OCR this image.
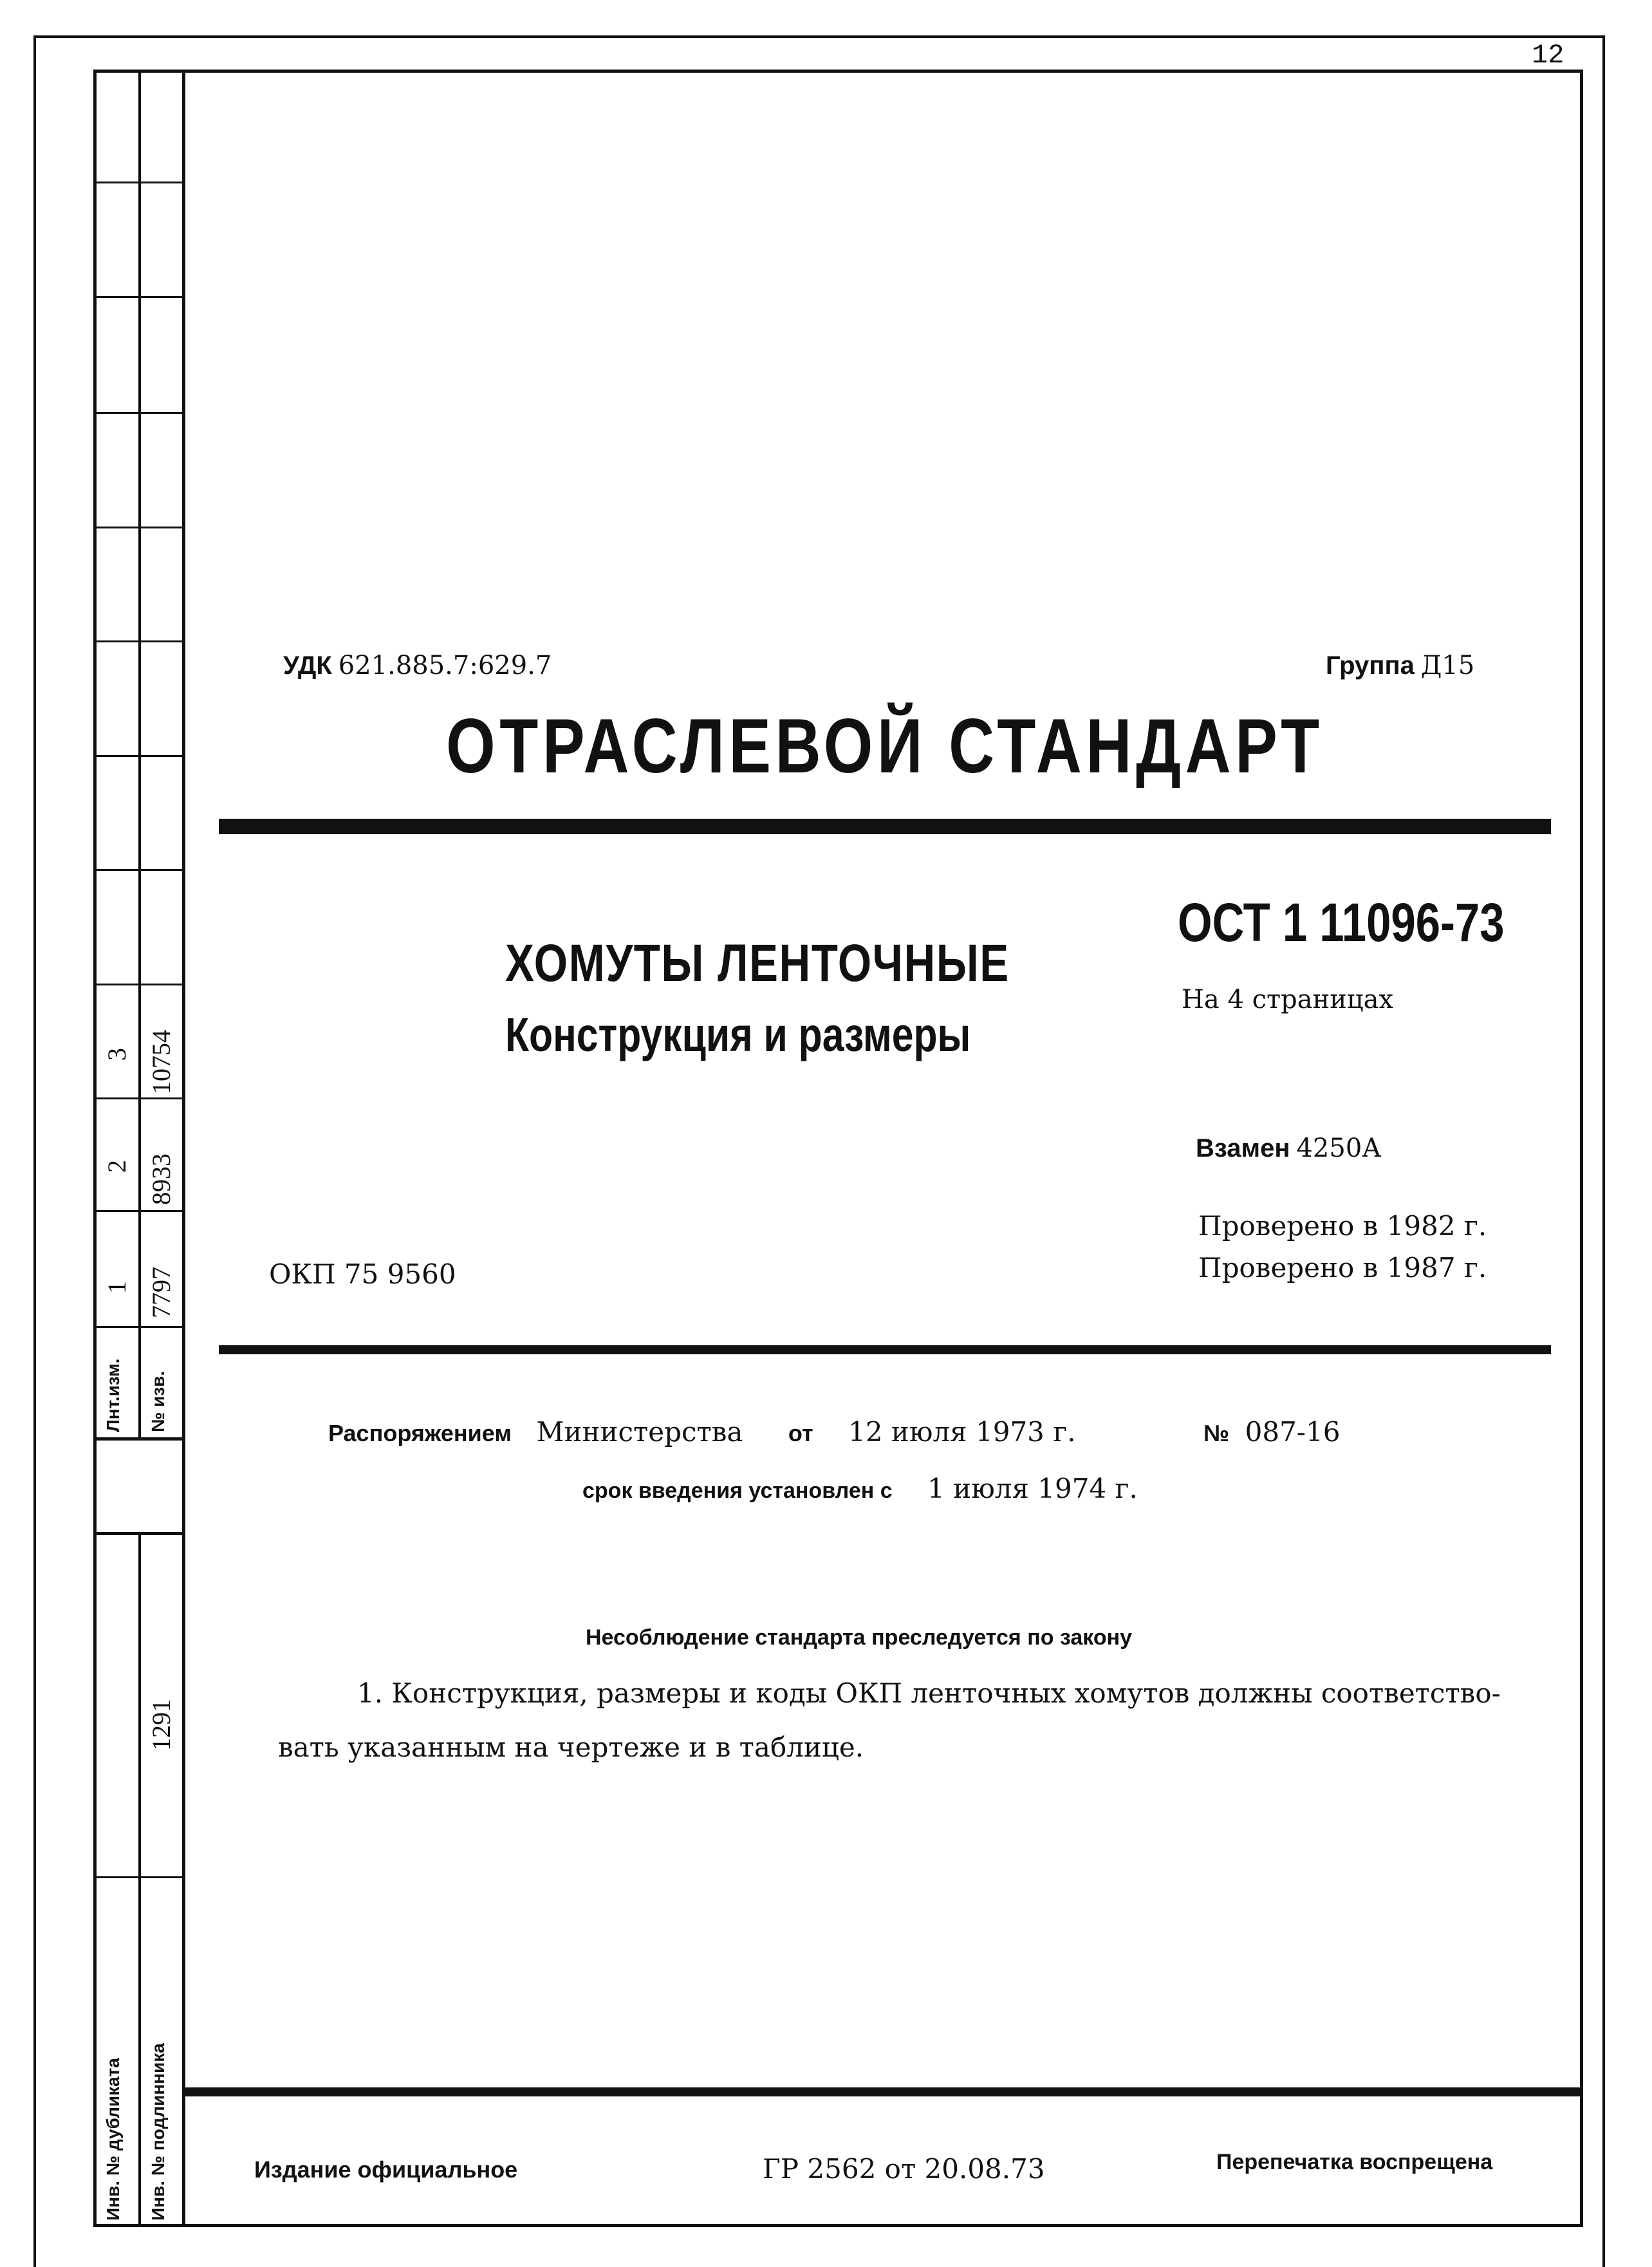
12
Лнт.изм. № изв.
1 7797
2 8933
3 10754
Инв. № дубликата Инв. № подлинника
1291
УДК 621.885.7:629.7	Группа Д15
ОТРАСЛЕВОЙ СТАНДАРТ
ХОМУТЫ ЛЕНТОЧНЫЕ
Конструкция и размеры
ОСТ 1 11096-73
На 4 страницах
Взамен 4250А
Проверено в 1982 г.
Проверено в 1987 г.
ОКП 75 9560
Распоряжением Министерства от 12 июля 1973 г.	№ 087-16
срок введения установлен с 1 июля 1974 г.
Несоблюдение стандарта преследуется по закону
1. Конструкция, размеры и коды ОКП ленточных хомутов должны соответство-
вать указанным на чертеже и в таблице.
Издание официальное	ГР 2562 от 20.08.73	Перепечатка воспрещена
